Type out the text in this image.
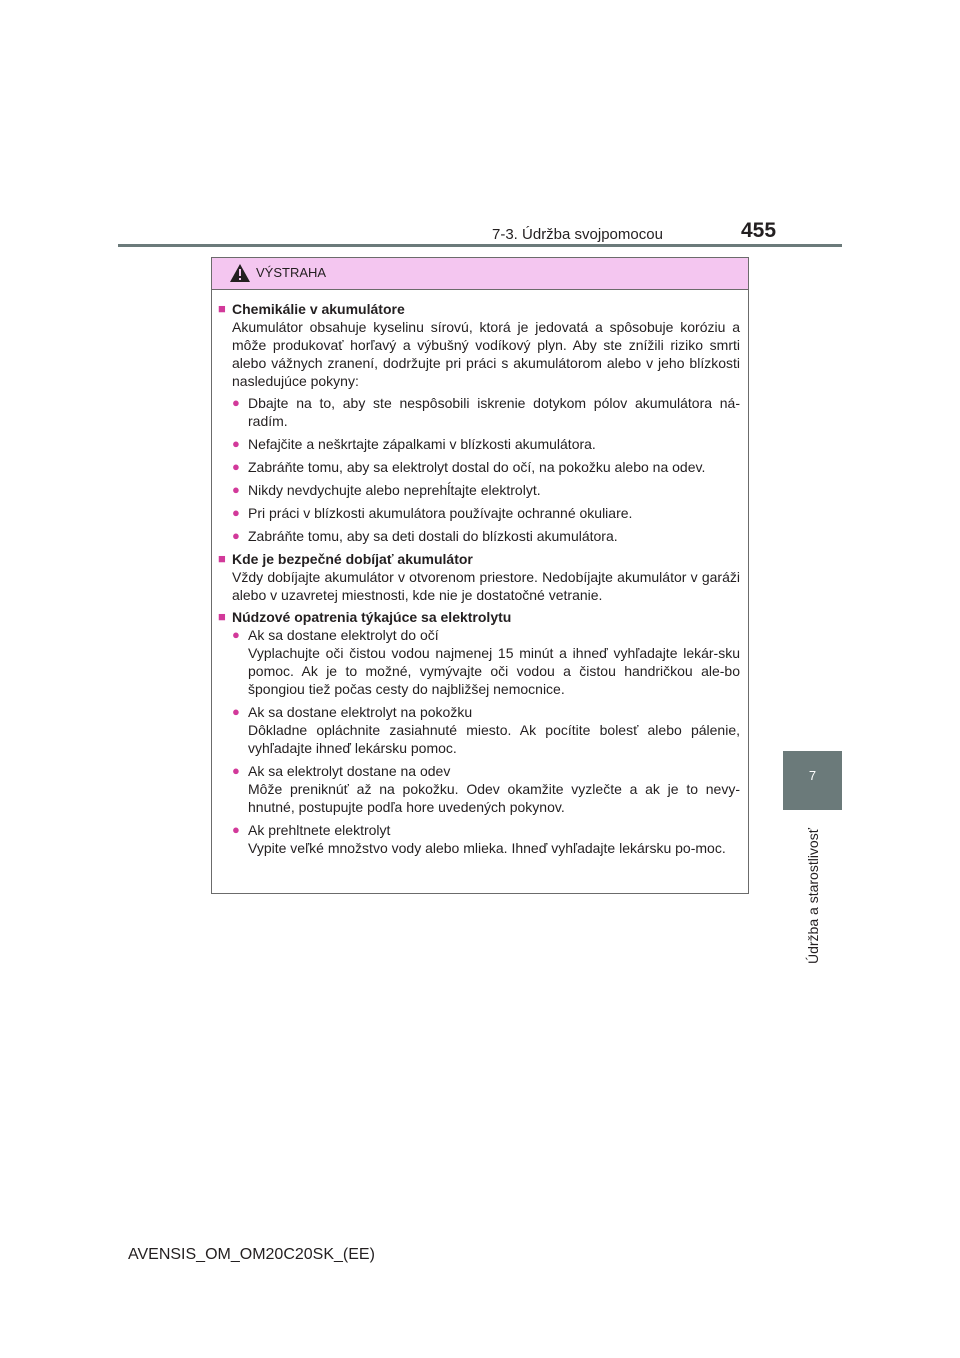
7-3. Údržba svojpomocou	455
7
Údržba a starostlivosť
VÝSTRAHA
■ Chemikálie v akumulátore
Akumulátor obsahuje kyselinu sírovú, ktorá je jedovatá a spôsobuje koróziu a môže produkovať horľavý a výbušný vodíkový plyn. Aby ste znížili riziko smrti alebo vážnych zranení, dodržujte pri práci s akumulátorom alebo v jeho blízkosti nasledujúce pokyny:
● Dbajte na to, aby ste nespôsobili iskrenie dotykom pólov akumulátora ná-radím.
● Nefajčite a neškrtajte zápalkami v blízkosti akumulátora.
● Zabráňte tomu, aby sa elektrolyt dostal do očí, na pokožku alebo na odev.
● Nikdy nevdychujte alebo neprehĺtajte elektrolyt.
● Pri práci v blízkosti akumulátora používajte ochranné okuliare.
● Zabráňte tomu, aby sa deti dostali do blízkosti akumulátora.
■ Kde je bezpečné dobíjať akumulátor
Vždy dobíjajte akumulátor v otvorenom priestore. Nedobíjajte akumulátor v garáži alebo v uzavretej miestnosti, kde nie je dostatočné vetranie.
■ Núdzové opatrenia týkajúce sa elektrolytu
● Ak sa dostane elektrolyt do očí
Vyplachujte oči čistou vodou najmenej 15 minút a ihneď vyhľadajte lekár-sku pomoc. Ak je to možné, vymývajte oči vodou a čistou handričkou ale-bo špongiou tiež počas cesty do najbližšej nemocnice.
● Ak sa dostane elektrolyt na pokožku
Dôkladne opláchnite zasiahnuté miesto. Ak pocítite bolesť alebo pálenie, vyhľadajte ihneď lekársku pomoc.
● Ak sa elektrolyt dostane na odev
Môže preniknúť až na pokožku. Odev okamžite vyzlečte a ak je to nevy-hnutné, postupujte podľa hore uvedených pokynov.
● Ak prehltnete elektrolyt
Vypite veľké množstvo vody alebo mlieka. Ihneď vyhľadajte lekársku po-moc.
AVENSIS_OM_OM20C20SK_(EE)
